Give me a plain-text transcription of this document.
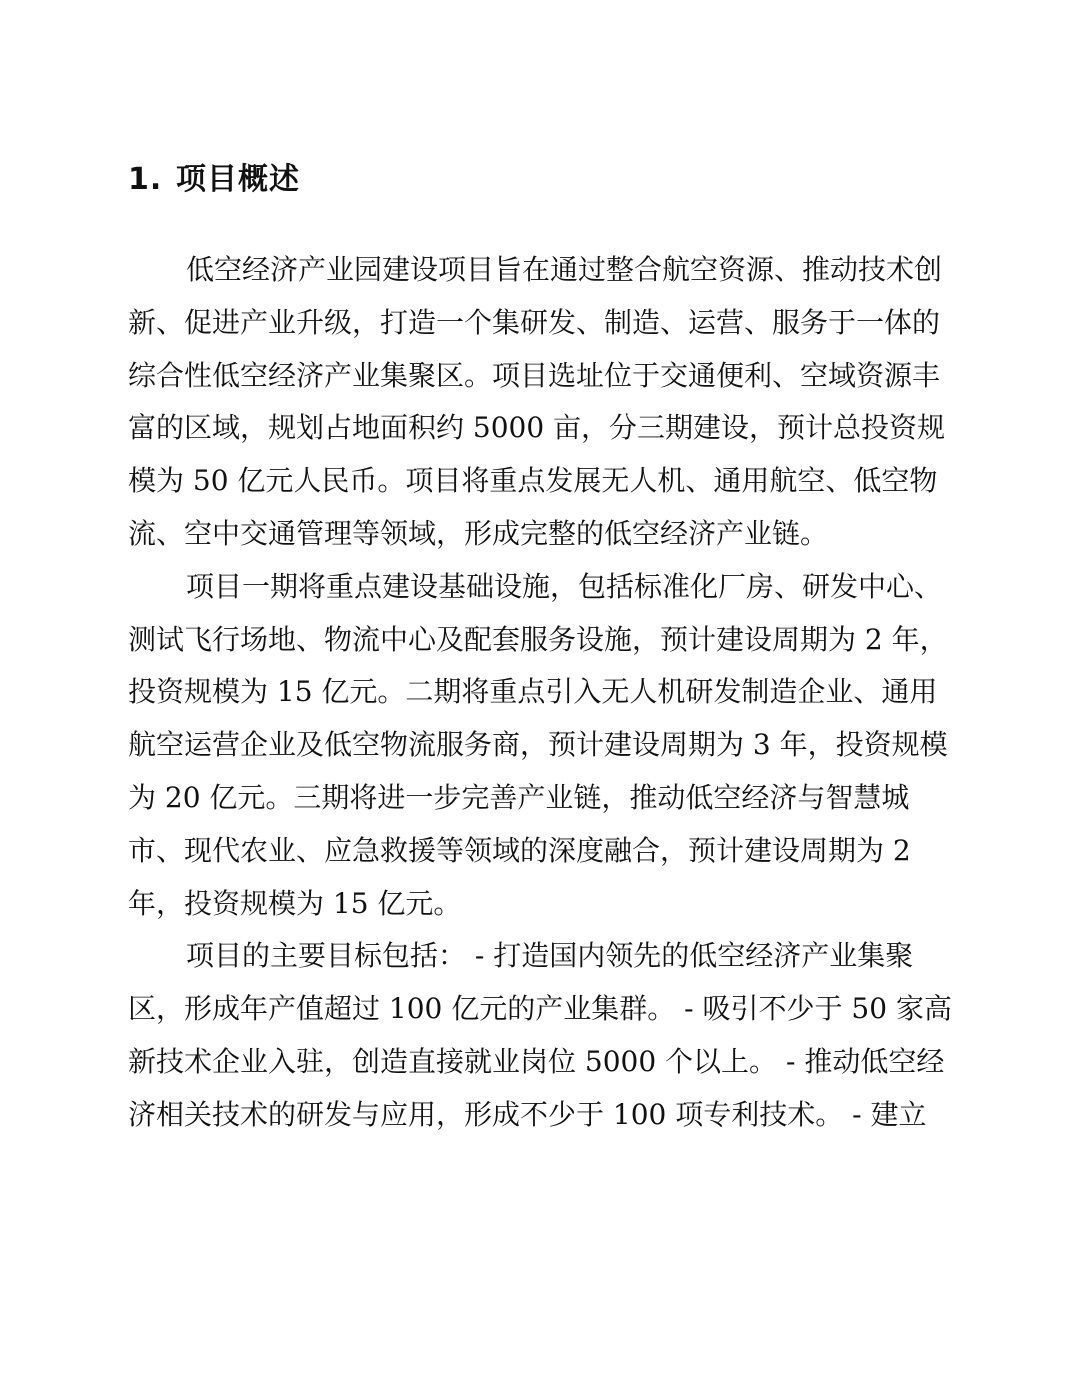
1. 项目概述
低空经济产业园建设项目旨在通过整合航空资源、推动技术创
新、促进产业升级，打造一个集研发、制造、运营、服务于一体的
综合性低空经济产业集聚区。项目选址位于交通便利、空域资源丰
富的区域，规划占地面积约 5000 亩，分三期建设，预计总投资规
模为 50 亿元人民币。项目将重点发展无人机、通用航空、低空物
流、空中交通管理等领域，形成完整的低空经济产业链。
项目一期将重点建设基础设施，包括标准化厂房、研发中心、
测试飞行场地、物流中心及配套服务设施，预计建设周期为 2 年，
投资规模为 15 亿元。二期将重点引入无人机研发制造企业、通用
航空运营企业及低空物流服务商，预计建设周期为 3 年，投资规模
为 20 亿元。三期将进一步完善产业链，推动低空经济与智慧城
市、现代农业、应急救援等领域的深度融合，预计建设周期为 2
年，投资规模为 15 亿元。
项目的主要目标包括： - 打造国内领先的低空经济产业集聚
区，形成年产值超过 100 亿元的产业集群。 - 吸引不少于 50 家高
新技术企业入驻，创造直接就业岗位 5000 个以上。 - 推动低空经
济相关技术的研发与应用，形成不少于 100 项专利技术。 - 建立
